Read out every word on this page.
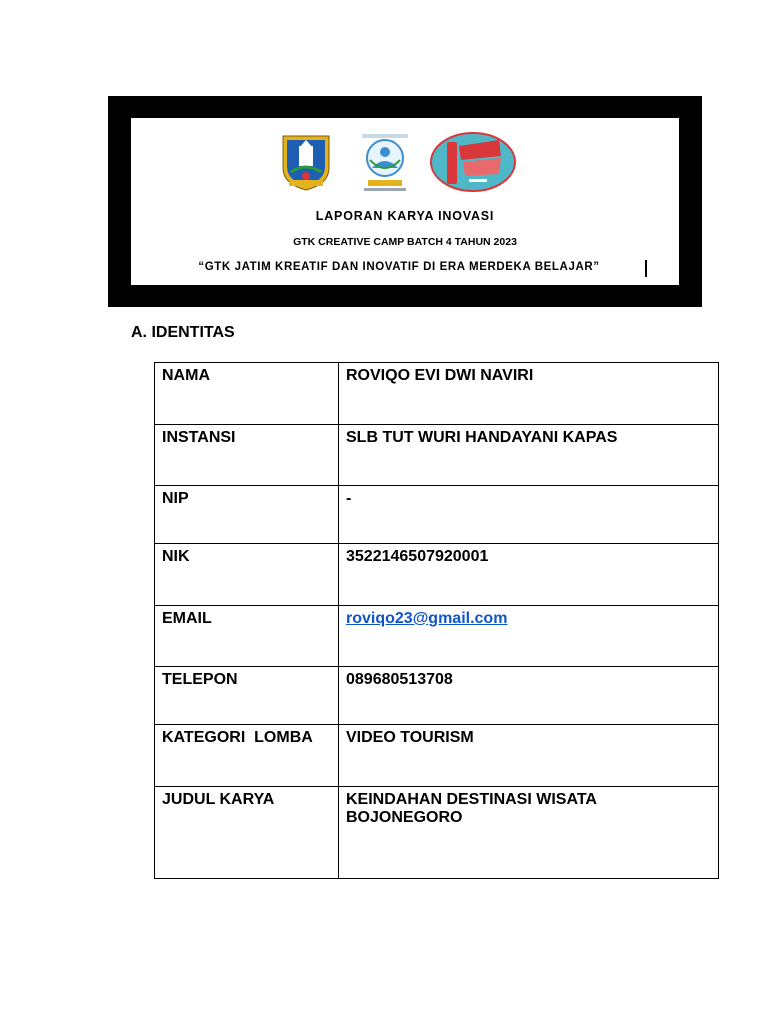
LAPORAN KARYA INOVASI
GTK CREATIVE CAMP BATCH 4 TAHUN 2023
“GTK JATIM KREATIF DAN INOVATIF DI ERA MERDEKA BELAJAR”

A. IDENTITAS

NAMA	ROVIQO EVI DWI NAVIRI
INSTANSI	SLB TUT WURI HANDAYANI KAPAS
NIP	-
NIK	3522146507920001
EMAIL	roviqo23@gmail.com
TELEPON	089680513708
KATEGORI  LOMBA	VIDEO TOURISM
JUDUL KARYA	KEINDAHAN DESTINASI WISATA BOJONEGORO
